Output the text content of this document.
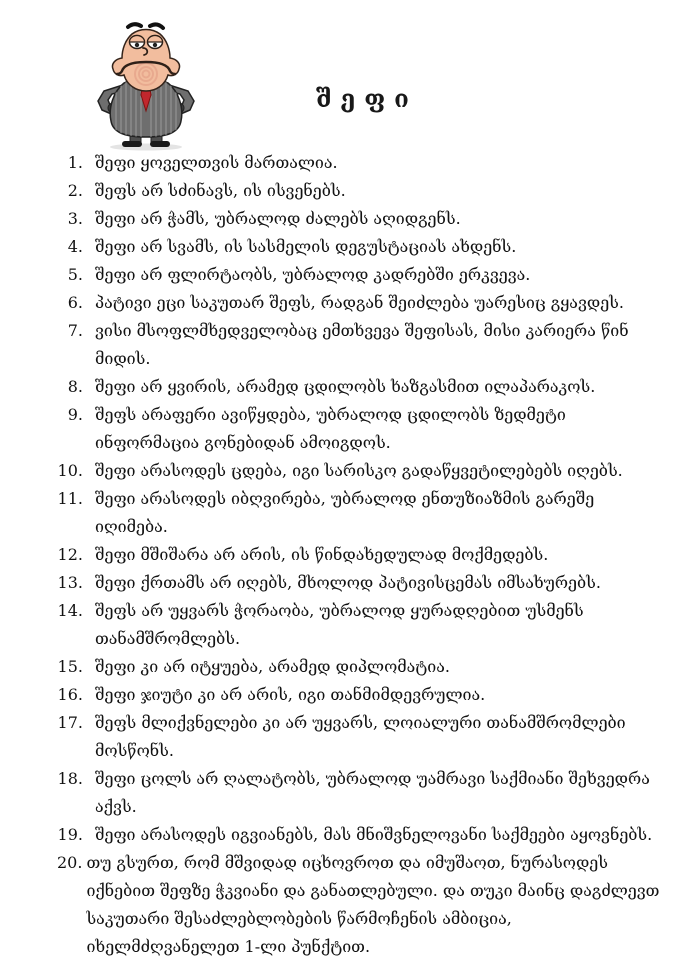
შეფი
1. შეფი ყოველთვის მართალია.
2. შეფს არ სძინავს, ის ისვენებს.
3. შეფი არ ჭამს, უბრალოდ ძალებს აღიდგენს.
4. შეფი არ სვამს, ის სასმელის დეგუსტაციას ახდენს.
5. შეფი არ ფლირტაობს, უბრალოდ კადრებში ერკვევა.
6. პატივი ეცი საკუთარ შეფს, რადგან შეიძლება უარესიც გყავდეს.
7. ვისი მსოფლმხედველობაც ემთხვევა შეფისას, მისი კარიერა წინ მიდის.
8. შეფი არ ყვირის, არამედ ცდილობს ხაზგასმით ილაპარაკოს.
9. შეფს არაფერი ავიწყდება, უბრალოდ ცდილობს ზედმეტი ინფორმაცია გონებიდან ამოიგდოს.
10. შეფი არასოდეს ცდება, იგი სარისკო გადაწყვეტილებებს იღებს.
11. შეფი არასოდეს იბღვირება, უბრალოდ ენთუზიაზმის გარეშე იღიმება.
12. შეფი მშიშარა არ არის, ის წინდახედულად მოქმედებს.
13. შეფი ქრთამს არ იღებს, მხოლოდ პატივისცემას იმსახურებს.
14. შეფს არ უყვარს ჭორაობა, უბრალოდ ყურადღებით უსმენს თანამშრომლებს.
15. შეფი კი არ იტყუება, არამედ დიპლომატია.
16. შეფი ჯიუტი კი არ არის, იგი თანმიმდევრულია.
17. შეფს მლიქვნელები კი არ უყვარს, ლოიალური თანამშრომლები მოსწონს.
18. შეფი ცოლს არ ღალატობს, უბრალოდ უამრავი საქმიანი შეხვედრა აქვს.
19. შეფი არასოდეს იგვიანებს, მას მნიშვნელოვანი საქმეები აყოვნებს.
20. თუ გსურთ, რომ მშვიდად იცხოვროთ და იმუშაოთ, ნურასოდეს იქნებით შეფზე ჭკვიანი და განათლებული. და თუკი მაინც დაგძლევთ საკუთარი შესაძლებლობების წარმოჩენის ამბიცია, იხელმძღვანელეთ 1-ლი პუნქტით.
